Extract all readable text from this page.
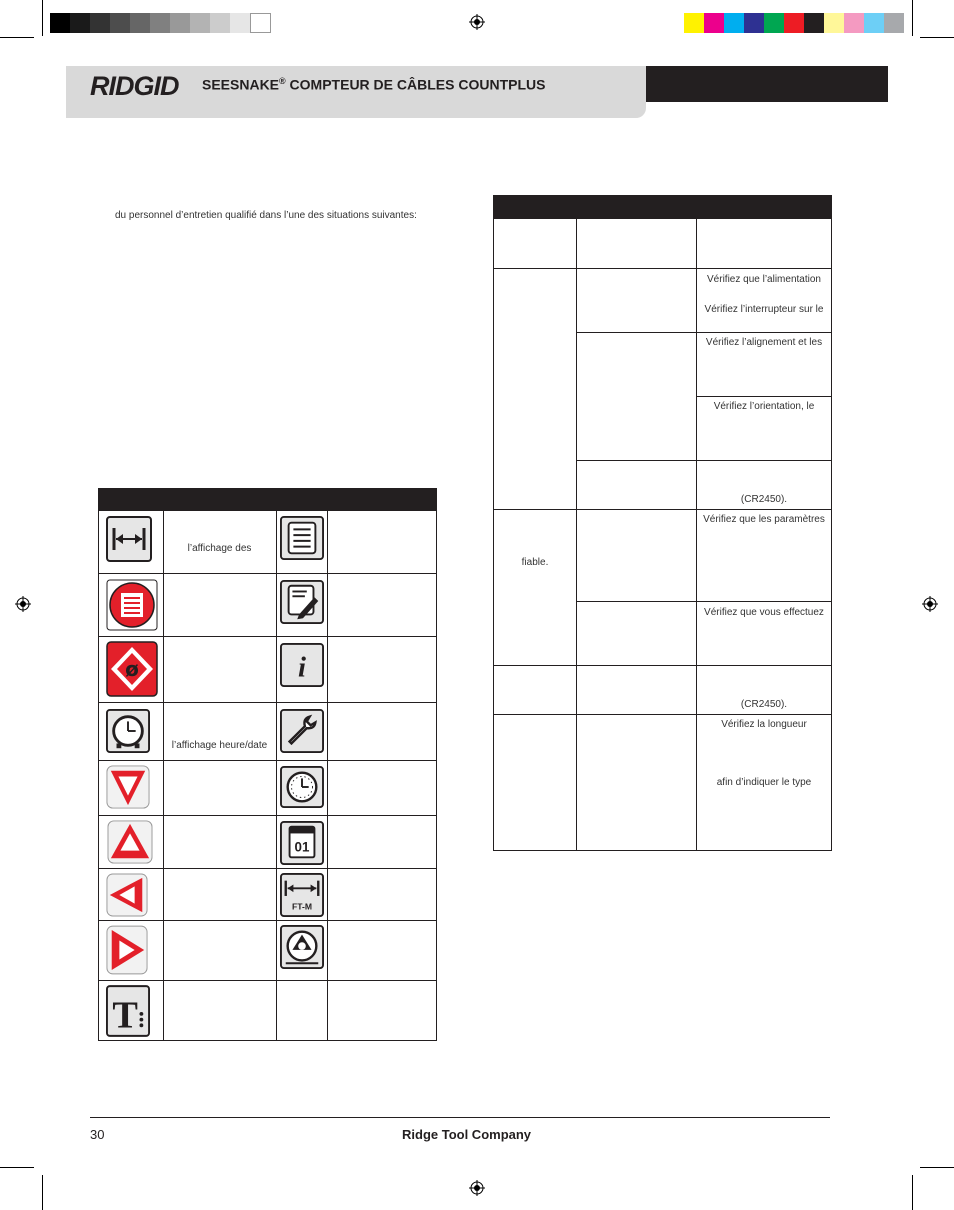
RIDGID SEESNAKE® COMPTEUR DE CÂBLES COUNTPLUS
du personnel d’entretien qualifié dans l’une des situations suivantes:
l’affichage des
ø	i
l’affichage heure/date
01
FT-M
T
Vérifiez que l’alimentation
Vérifiez l’interrupteur sur le
Vérifiez l’alignement et les
Vérifiez l’orientation, le
(CR2450).
fiable.
Vérifiez que les paramètres
Vérifiez que vous effectuez
(CR2450).
Vérifiez la longueur
afin d’indiquer le type
30	Ridge Tool Company
